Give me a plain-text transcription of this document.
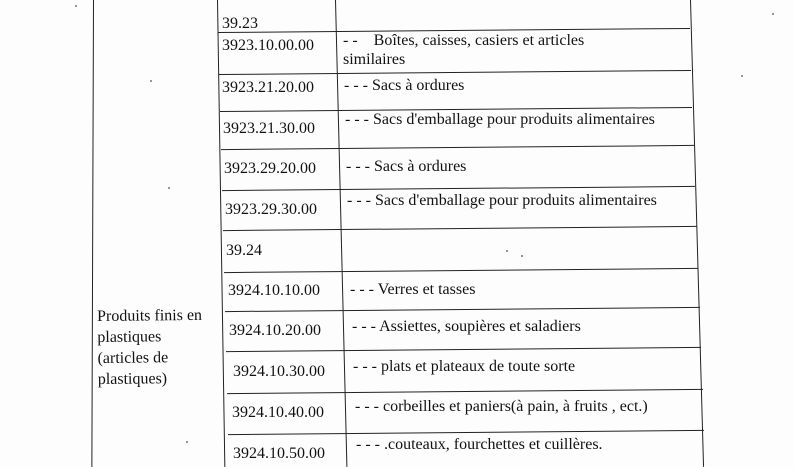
Produits finis en
plastiques
(articles de
plastiques)
39.23
3923.10.00.00 - -    Boîtes, caisses, casiers et articles
similaires
3923.21.20.00 - - - Sacs à ordures
3923.21.30.00
- - - Sacs d'emballage pour produits alimentaires
3923.29.20.00 - - - Sacs à ordures
3923.29.30.00
- - - Sacs d'emballage pour produits alimentaires
39.24
3924.10.10.00 - - - Verres et tasses
3924.10.20.00 - - - Assiettes, soupières et saladiers
3924.10.30.00 - - - plats et plateaux de toute sorte
3924.10.40.00 - - - corbeilles et paniers(à pain, à fruits , ect.)
3924.10.50.00
- - - .couteaux, fourchettes et cuillères.
